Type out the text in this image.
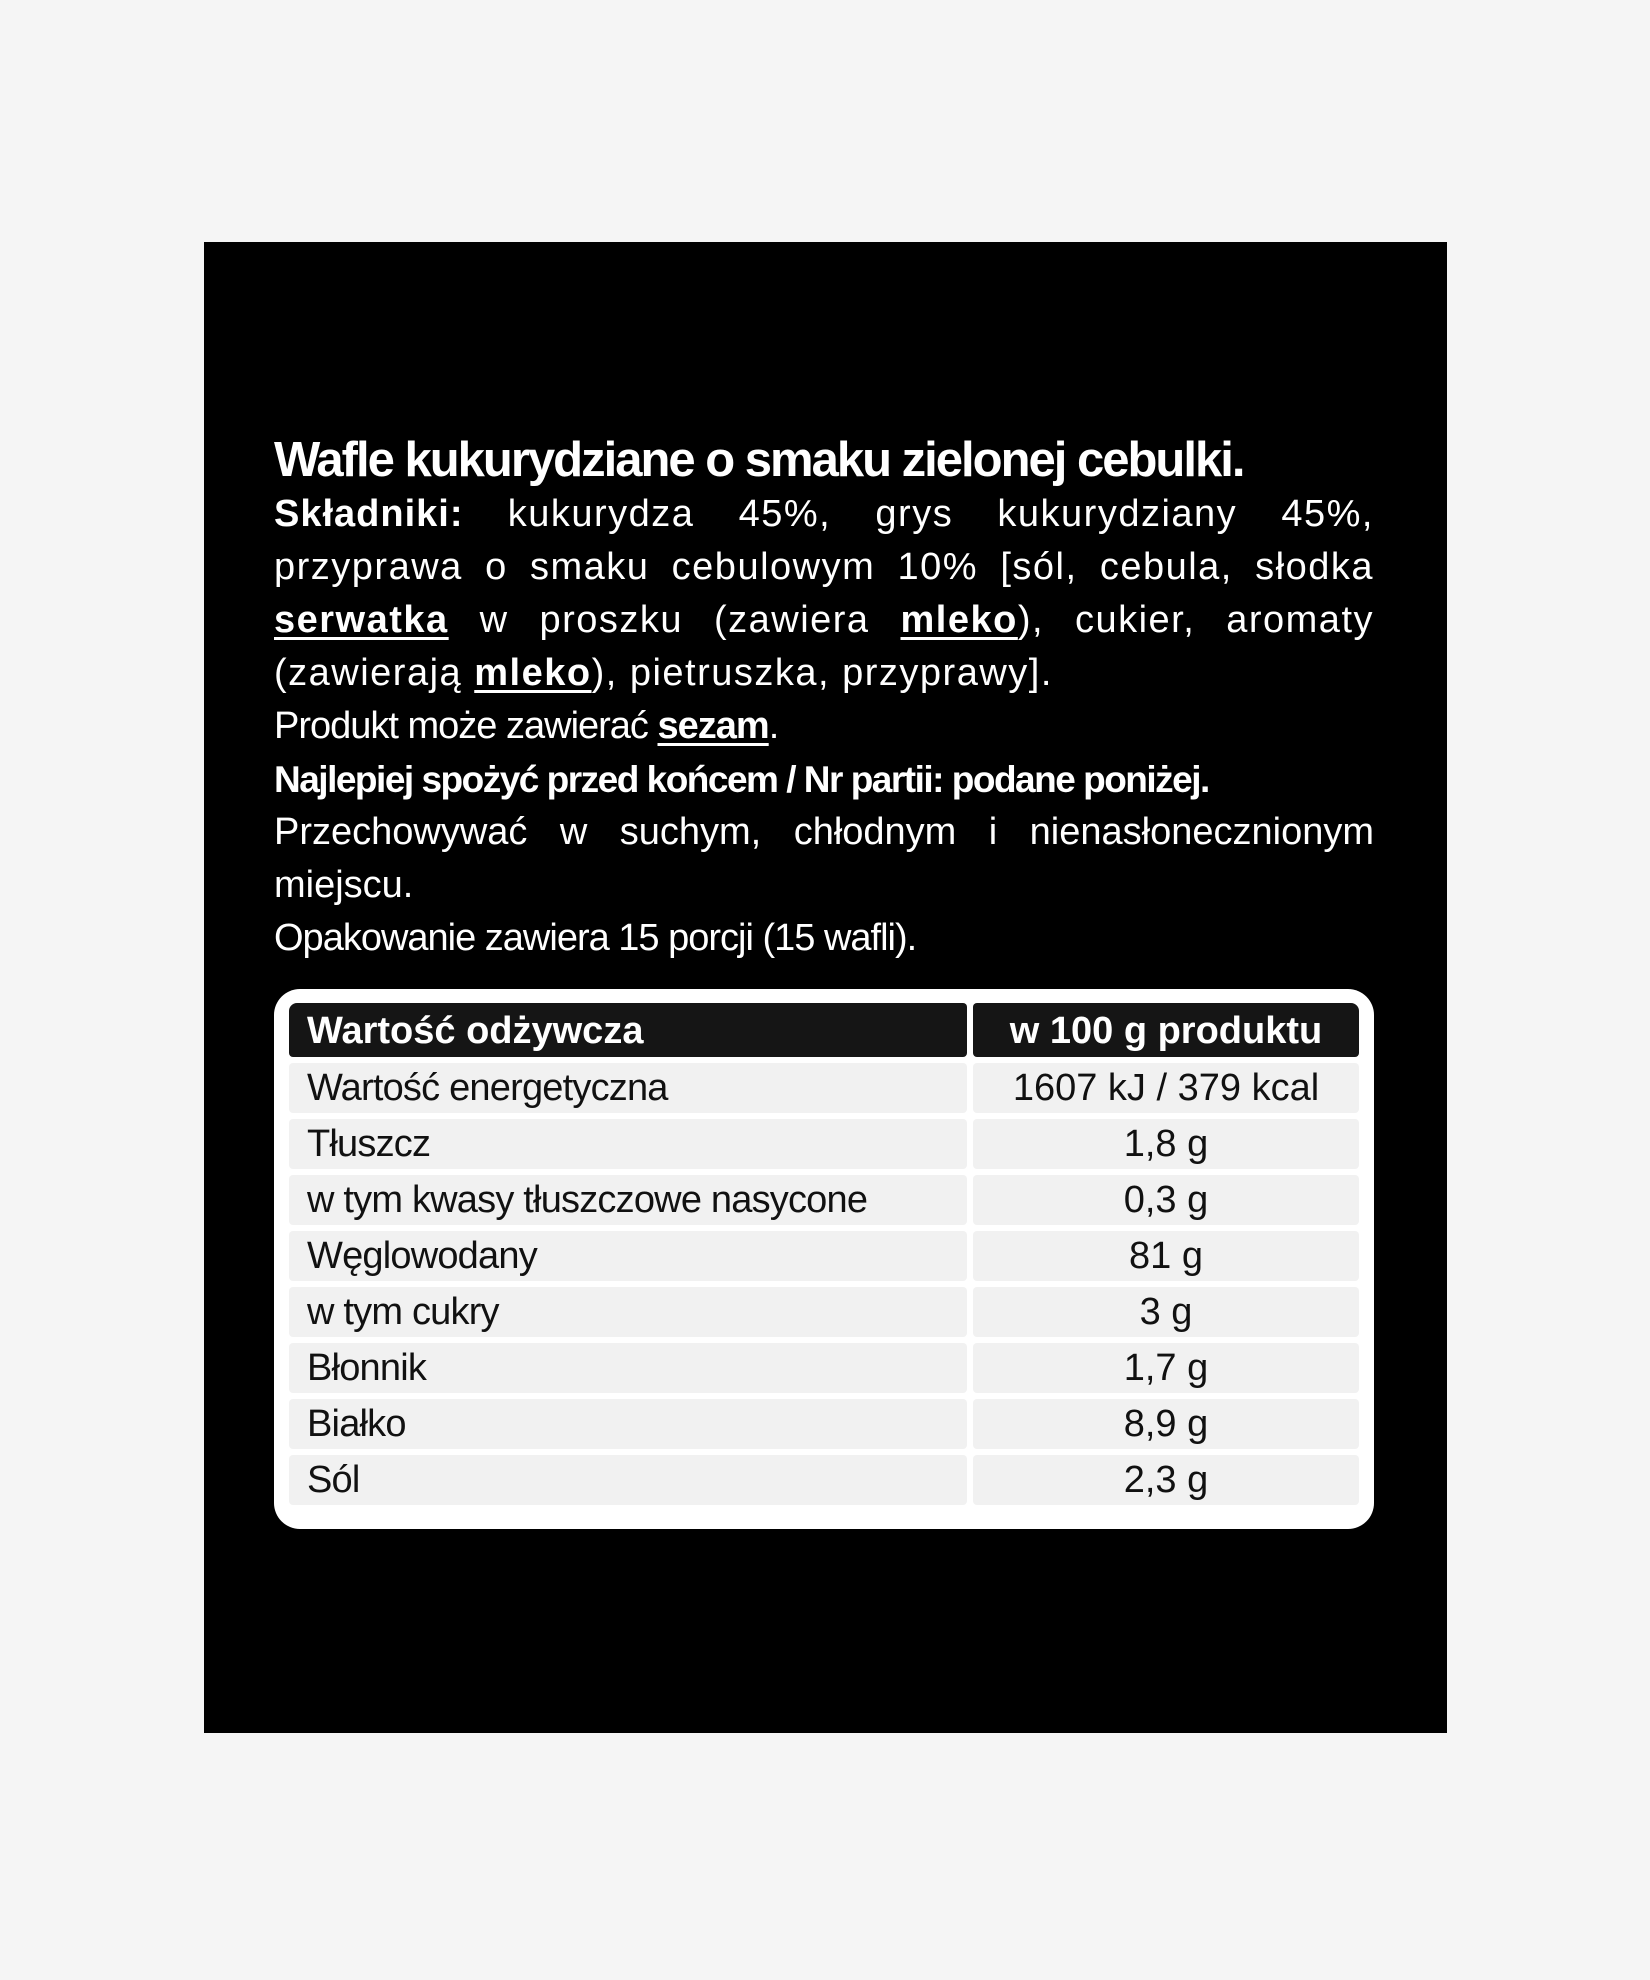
Wafle kukurydziane o smaku zielonej cebulki.

Składniki: kukurydza 45%, grys kukurydziany 45%, przyprawa o smaku cebulowym 10% [sól, cebula, słodka serwatka w proszku (zawiera mleko), cukier, aromaty (zawierają mleko), pietruszka, przyprawy].

Produkt może zawierać sezam.

Najlepiej spożyć przed końcem / Nr partii: podane poniżej.

Przechowywać w suchym, chłodnym i nienasłonecznionym miejscu.

Opakowanie zawiera 15 porcji (15 wafli).

Wartość odżywcza	w 100 g produktu
Wartość energetyczna	1607 kJ / 379 kcal
Tłuszcz	1,8 g
w tym kwasy tłuszczowe nasycone	0,3 g
Węglowodany	81 g
w tym cukry	3 g
Błonnik	1,7 g
Białko	8,9 g
Sól	2,3 g
